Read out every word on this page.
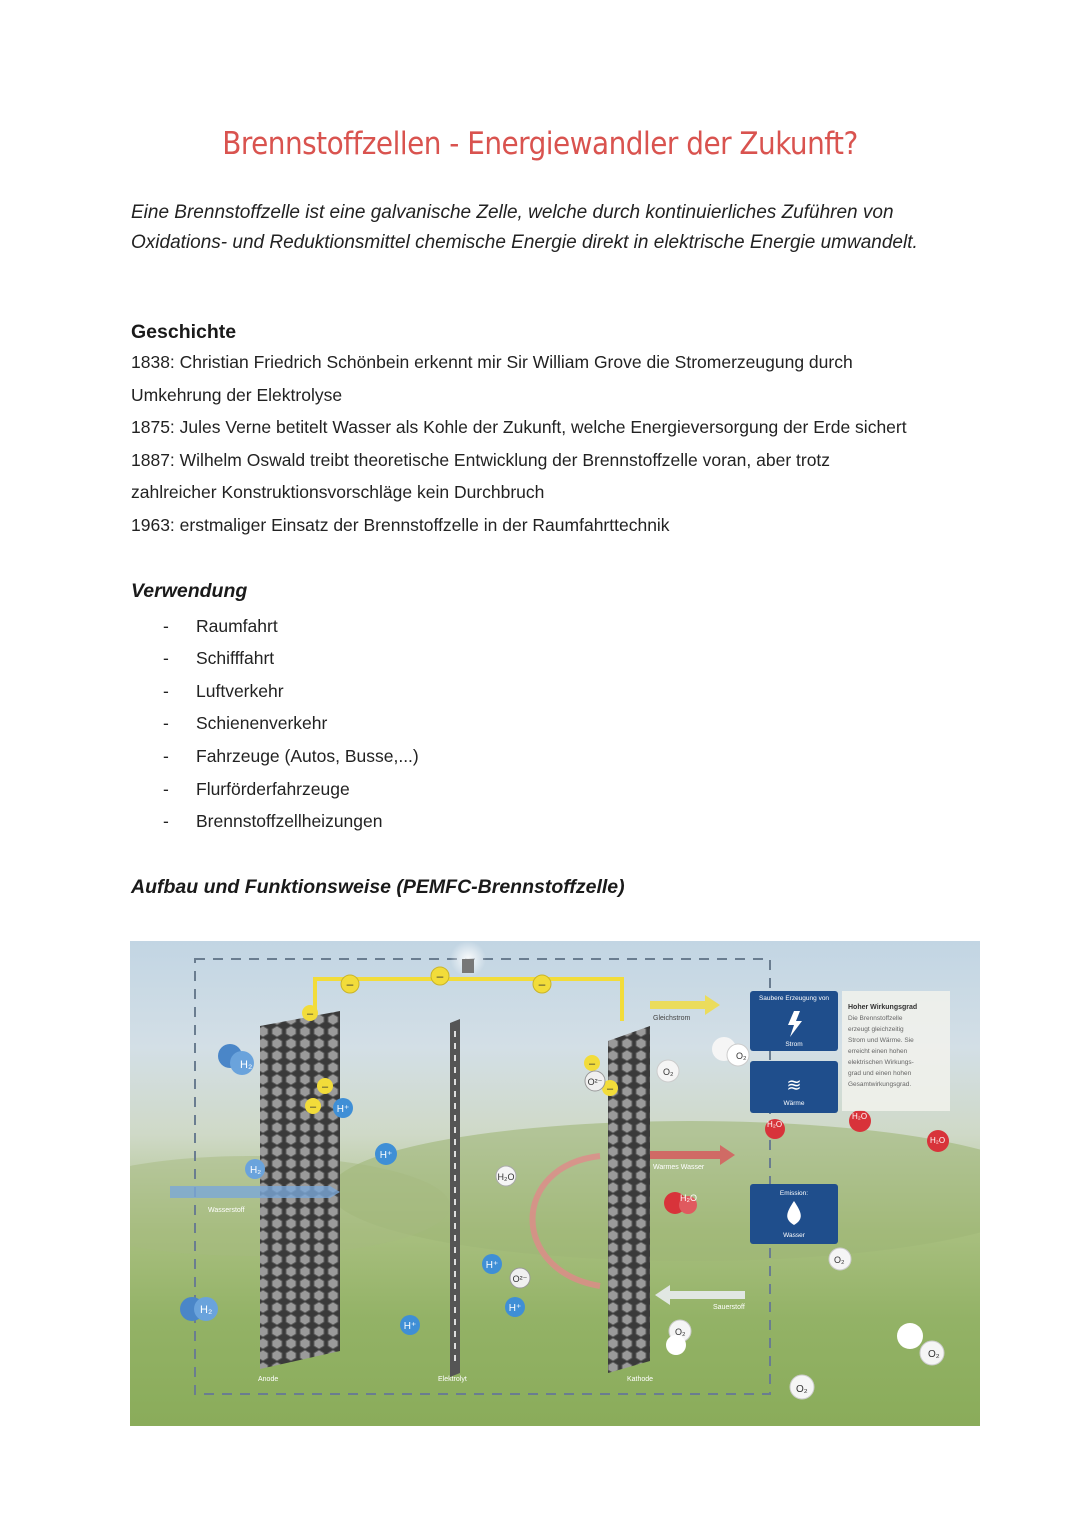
Brennstoffzellen - Energiewandler der Zukunft?
Eine Brennstoffzelle ist eine galvanische Zelle, welche durch kontinuierliches Zuführen von Oxidations- und Reduktionsmittel chemische Energie direkt in elektrische Energie umwandelt.
Geschichte
1838: Christian Friedrich Schönbein erkennt mir Sir William Grove die Stromerzeugung durch
Umkehrung der Elektrolyse
1875: Jules Verne betitelt Wasser als Kohle der Zukunft, welche Energieversorgung der Erde sichert
1887: Wilhelm Oswald treibt theoretische Entwicklung der Brennstoffzelle voran, aber trotz
zahlreicher Konstruktionsvorschläge kein Durchbruch
1963: erstmaliger Einsatz der Brennstoffzelle in der Raumfahrttechnik
Verwendung
- Raumfahrt
- Schifffahrt
- Luftverkehr
- Schienenverkehr
- Fahrzeuge (Autos, Busse,...)
- Flurförderfahrzeuge
- Brennstoffzellheizungen
Aufbau und Funktionsweise (PEMFC-Brennstoffzelle)
–
–
–
–
–
–
–
–
Wasserstoff
Anode	Elektrolyt	Kathode
Gleichstrom
Warmes Wasser
Sauerstoff
H₂
H₂
H₂
H⁺
H⁺
H⁺
H⁺
H⁺
O²⁻
O²⁻
H₂O
H₂O
O₂
O₂
O₂
O₂
O₂
O₂
H₂O
H₂O
H₂O
Saubere Erzeugung von
Strom
≋
Wärme
Emission:
Wasser
Hoher Wirkungsgrad
Die Brennstoffzelle
erzeugt gleichzeitig
Strom und Wärme. Sie
erreicht einen hohen
elektrischen Wirkungs-
grad und einen hohen
Gesamtwirkungsgrad.
